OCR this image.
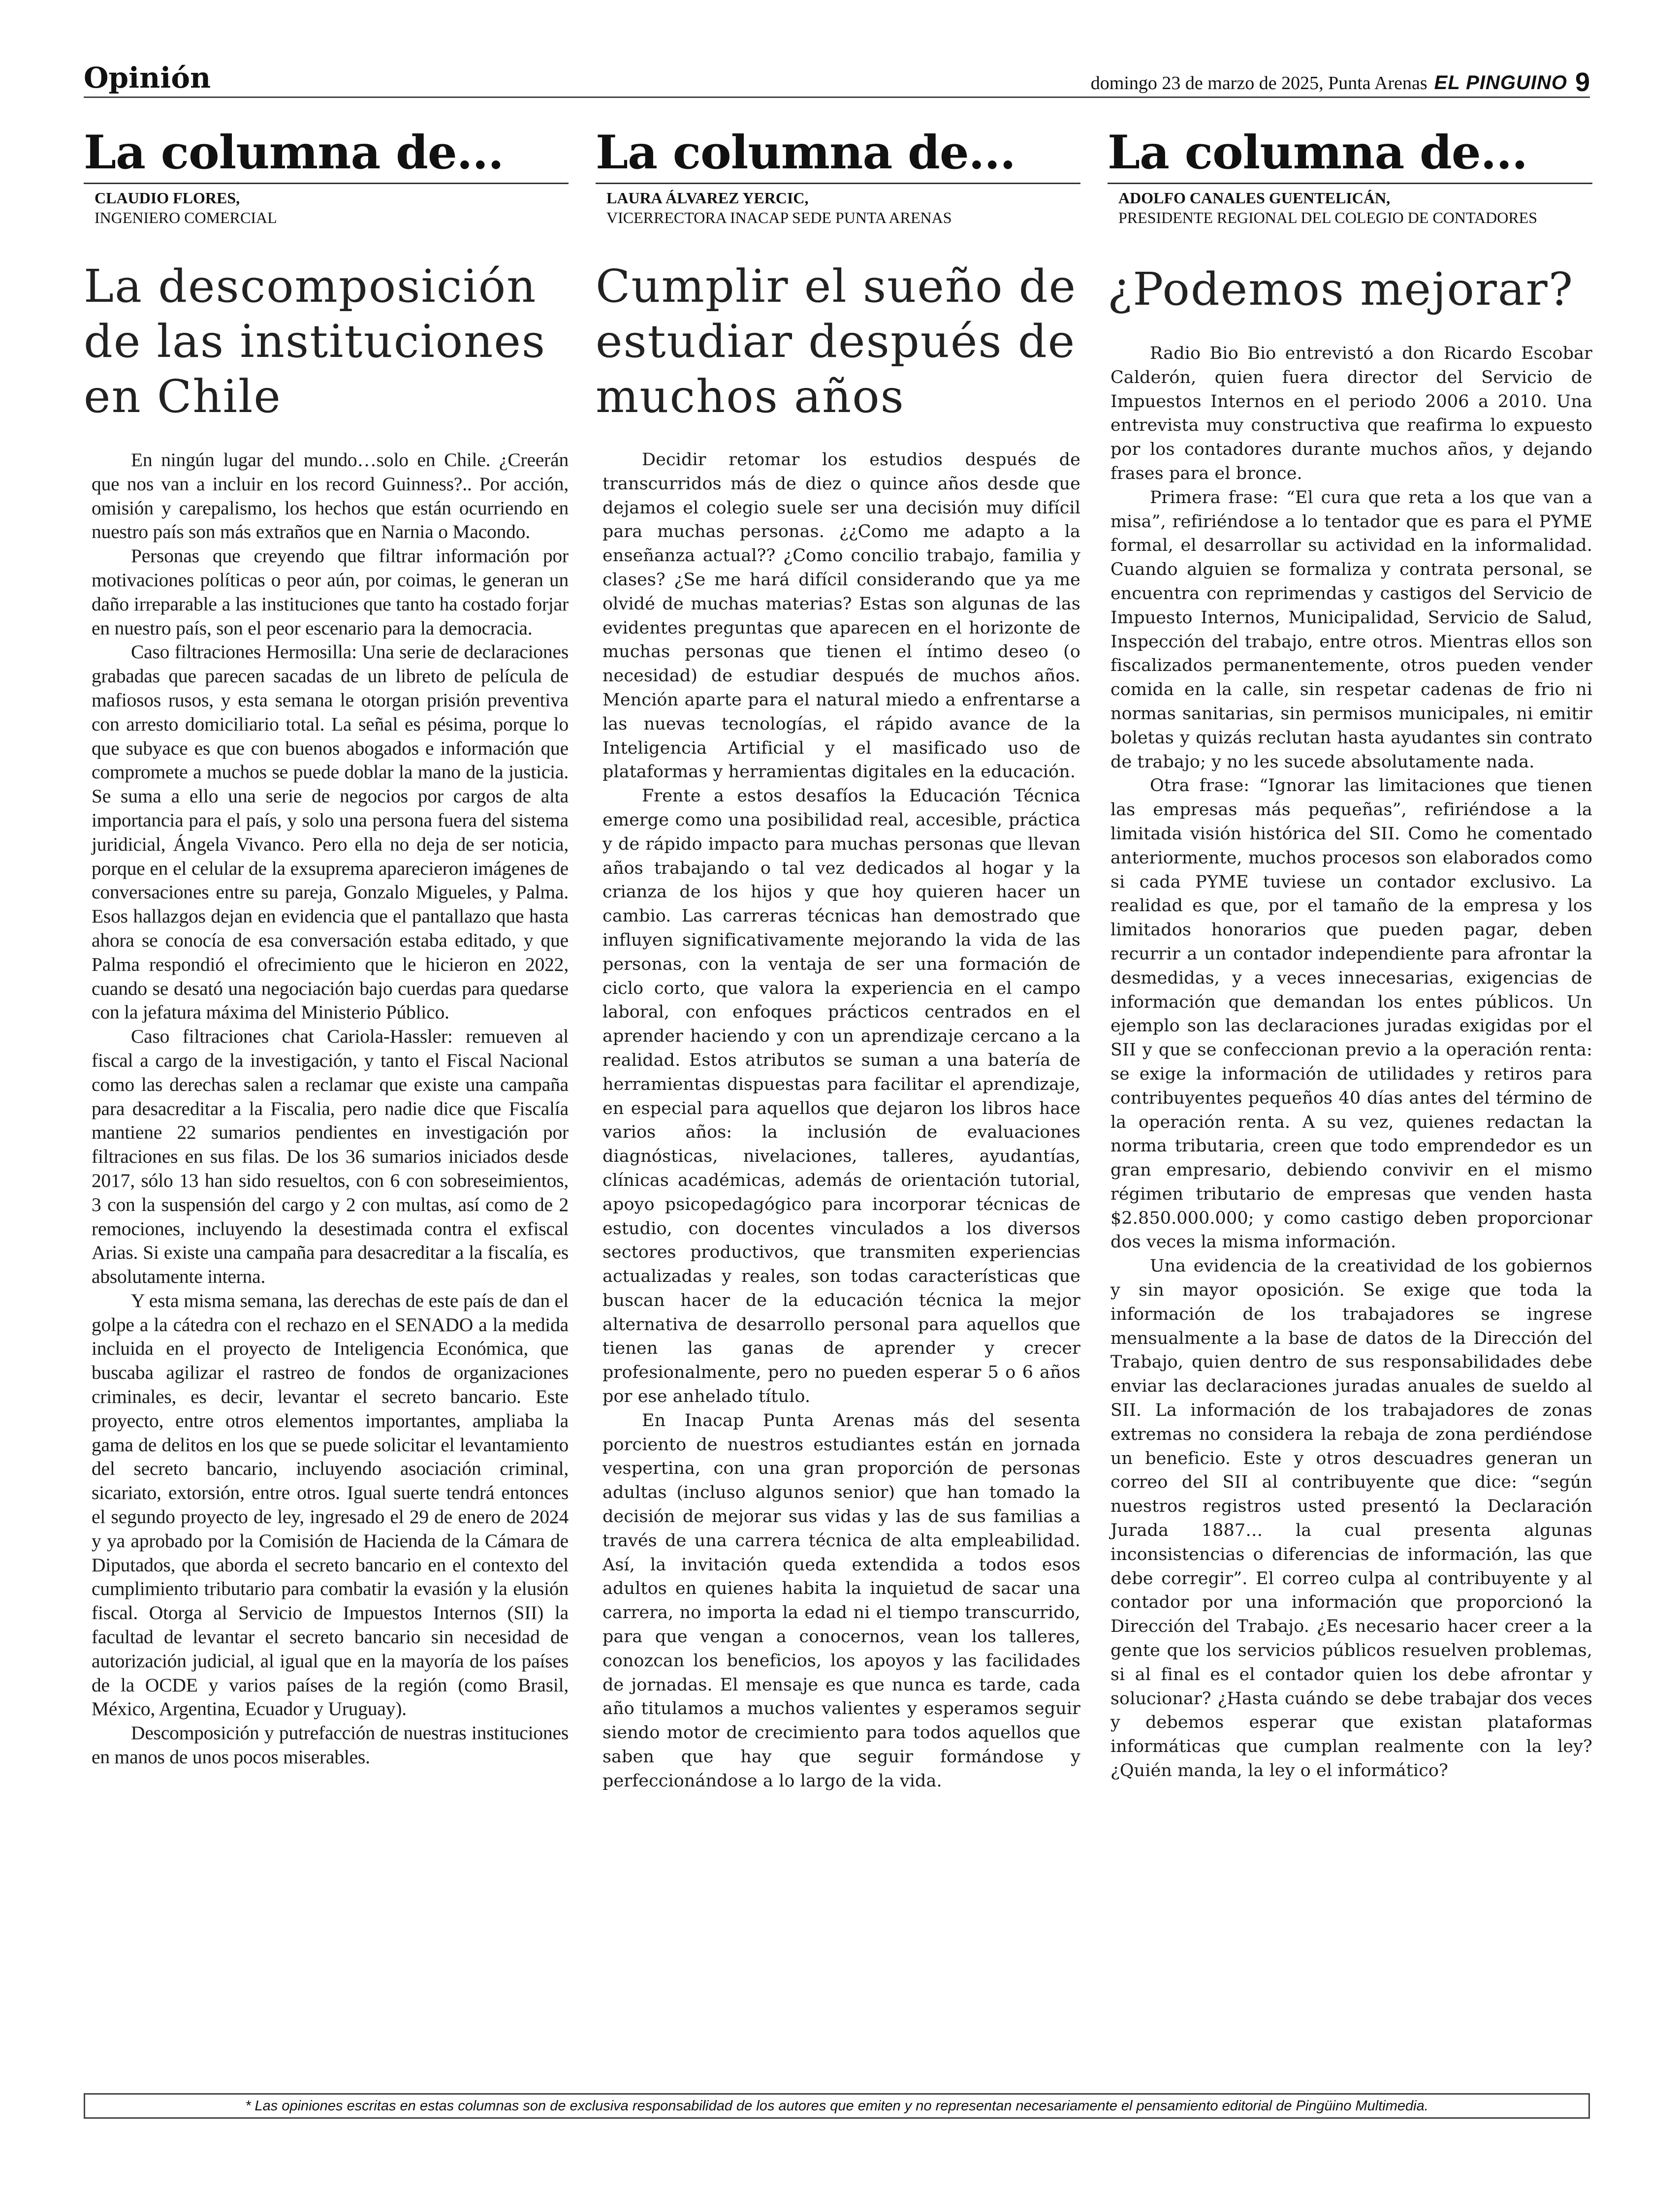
Opinión	domingo 23 de marzo de 2025, Punta Arenas EL PINGUINO 9
La columna de...
CLAUDIO FLORES,
INGENIERO COMERCIAL
La descomposición de las instituciones en Chile

En ningún lugar del mundo…solo en Chile. ¿Creerán que nos van a incluir en los record Guinness?.. Por acción, omisión y carepalismo, los hechos que están ocurriendo en nuestro país son más extraños que en Narnia o Macondo.

Personas que creyendo que filtrar información por motivaciones políticas o peor aún, por coimas, le generan un daño irreparable a las instituciones que tanto ha costado forjar en nuestro país, son el peor escenario para la democracia.

Caso filtraciones Hermosilla: Una serie de declaraciones grabadas que parecen sacadas de un libreto de película de mafiosos rusos, y esta semana le otorgan prisión preventiva con arresto domiciliario total. La señal es pésima, porque lo que subyace es que con buenos abogados e información que compromete a muchos se puede doblar la mano de la justicia. Se suma a ello una serie de negocios por cargos de alta importancia para el país, y solo una persona fuera del sistema juridicial, Ángela Vivanco. Pero ella no deja de ser noticia, porque en el celular de la exsuprema aparecieron imágenes de conversaciones entre su pareja, Gonzalo Migueles, y Palma. Esos hallazgos dejan en evidencia que el pantallazo que hasta ahora se conocía de esa conversación estaba editado, y que Palma respondió el ofrecimiento que le hicieron en 2022, cuando se desató una negociación bajo cuerdas para quedarse con la jefatura máxima del Ministerio Público.

Caso filtraciones chat Cariola-Hassler: remueven al fiscal a cargo de la investigación, y tanto el Fiscal Nacional como las derechas salen a reclamar que existe una campaña para desacreditar a la Fiscalia, pero nadie dice que Fiscalía mantiene 22 sumarios pendientes en investigación por filtraciones en sus filas. De los 36 sumarios iniciados desde 2017, sólo 13 han sido resueltos, con 6 con sobreseimientos, 3 con la suspensión del cargo y 2 con multas, así como de 2 remociones, incluyendo la desestimada contra el exfiscal Arias. Si existe una campaña para desacreditar a la fiscalía, es absolutamente interna.

Y esta misma semana, las derechas de este país de dan el golpe a la cátedra con el rechazo en el SENADO a la medida incluida en el proyecto de Inteligencia Económica, que buscaba agilizar el rastreo de fondos de organizaciones criminales, es decir, levantar el secreto bancario. Este proyecto, entre otros elementos importantes, ampliaba la gama de delitos en los que se puede solicitar el levantamiento del secreto bancario, incluyendo asociación criminal, sicariato, extorsión, entre otros. Igual suerte tendrá entonces el segundo proyecto de ley, ingresado el 29 de enero de 2024 y ya aprobado por la Comisión de Hacienda de la Cámara de Diputados, que aborda el secreto bancario en el contexto del cumplimiento tributario para combatir la evasión y la elusión fiscal. Otorga al Servicio de Impuestos Internos (SII) la facultad de levantar el secreto bancario sin necesidad de autorización judicial, al igual que en la mayoría de los países de la OCDE y varios países de la región (como Brasil, México, Argentina, Ecuador y Uruguay).

Descomposición y putrefacción de nuestras instituciones en manos de unos pocos miserables.

La columna de...
LAURA ÁLVAREZ YERCIC,
VICERRECTORA INACAP SEDE PUNTA ARENAS
Cumplir el sueño de estudiar después de muchos años

Decidir retomar los estudios después de transcurridos más de diez o quince años desde que dejamos el colegio suele ser una decisión muy difícil para muchas personas. ¿¿Como me adapto a la enseñanza actual?? ¿Como concilio trabajo, familia y clases? ¿Se me hará difícil considerando que ya me olvidé de muchas materias? Estas son algunas de las evidentes preguntas que aparecen en el horizonte de muchas personas que tienen el íntimo deseo (o necesidad) de estudiar después de muchos años. Mención aparte para el natural miedo a enfrentarse a las nuevas tecnologías, el rápido avance de la Inteligencia Artificial y el masificado uso de plataformas y herramientas digitales en la educación.

Frente a estos desafíos la Educación Técnica emerge como una posibilidad real, accesible, práctica y de rápido impacto para muchas personas que llevan años trabajando o tal vez dedicados al hogar y la crianza de los hijos y que hoy quieren hacer un cambio. Las carreras técnicas han demostrado que influyen significativamente mejorando la vida de las personas, con la ventaja de ser una formación de ciclo corto, que valora la experiencia en el campo laboral, con enfoques prácticos centrados en el aprender haciendo y con un aprendizaje cercano a la realidad. Estos atributos se suman a una batería de herramientas dispuestas para facilitar el aprendizaje, en especial para aquellos que dejaron los libros hace varios años: la inclusión de evaluaciones diagnósticas, nivelaciones, talleres, ayudantías, clínicas académicas, además de orientación tutorial, apoyo psicopedagógico para incorporar técnicas de estudio, con docentes vinculados a los diversos sectores productivos, que transmiten experiencias actualizadas y reales, son todas características que buscan hacer de la educación técnica la mejor alternativa de desarrollo personal para aquellos que tienen las ganas de aprender y crecer profesionalmente, pero no pueden esperar 5 o 6 años por ese anhelado título.

En Inacap Punta Arenas más del sesenta porciento de nuestros estudiantes están en jornada vespertina, con una gran proporción de personas adultas (incluso algunos senior) que han tomado la decisión de mejorar sus vidas y las de sus familias a través de una carrera técnica de alta empleabilidad. Así, la invitación queda extendida a todos esos adultos en quienes habita la inquietud de sacar una carrera, no importa la edad ni el tiempo transcurrido, para que vengan a conocernos, vean los talleres, conozcan los beneficios, los apoyos y las facilidades de jornadas. El mensaje es que nunca es tarde, cada año titulamos a muchos valientes y esperamos seguir siendo motor de crecimiento para todos aquellos que saben que hay que seguir formándose y perfeccionándose a lo largo de la vida.

La columna de...
ADOLFO CANALES GUENTELICÁN,
PRESIDENTE REGIONAL DEL COLEGIO DE CONTADORES
¿Podemos mejorar?

Radio Bio Bio entrevistó a don Ricardo Escobar Calderón, quien fuera director del Servicio de Impuestos Internos en el periodo 2006 a 2010. Una entrevista muy constructiva que reafirma lo expuesto por los contadores durante muchos años, y dejando frases para el bronce.

Primera frase: “El cura que reta a los que van a misa”, refiriéndose a lo tentador que es para el PYME formal, el desarrollar su actividad en la informalidad. Cuando alguien se formaliza y contrata personal, se encuentra con reprimendas y castigos del Servicio de Impuesto Internos, Municipalidad, Servicio de Salud, Inspección del trabajo, entre otros. Mientras ellos son fiscalizados permanentemente, otros pueden vender comida en la calle, sin respetar cadenas de frio ni normas sanitarias, sin permisos municipales, ni emitir boletas y quizás reclutan hasta ayudantes sin contrato de trabajo; y no les sucede absolutamente nada.

Otra frase: “Ignorar las limitaciones que tienen las empresas más pequeñas”, refiriéndose a la limitada visión histórica del SII. Como he comentado anteriormente, muchos procesos son elaborados como si cada PYME tuviese un contador exclusivo. La realidad es que, por el tamaño de la empresa y los limitados honorarios que pueden pagar, deben recurrir a un contador independiente para afrontar la desmedidas, y a veces innecesarias, exigencias de información que demandan los entes públicos. Un ejemplo son las declaraciones juradas exigidas por el SII y que se confeccionan previo a la operación renta: se exige la información de utilidades y retiros para contribuyentes pequeños 40 días antes del término de la operación renta. A su vez, quienes redactan la norma tributaria, creen que todo emprendedor es un gran empresario, debiendo convivir en el mismo régimen tributario de empresas que venden hasta $2.850.000.000; y como castigo deben proporcionar dos veces la misma información.

Una evidencia de la creatividad de los gobiernos y sin mayor oposición. Se exige que toda la información de los trabajadores se ingrese mensualmente a la base de datos de la Dirección del Trabajo, quien dentro de sus responsabilidades debe enviar las declaraciones juradas anuales de sueldo al SII. La información de los trabajadores de zonas extremas no considera la rebaja de zona perdiéndose un beneficio. Este y otros descuadres generan un correo del SII al contribuyente que dice: “según nuestros registros usted presentó la Declaración Jurada 1887… la cual presenta algunas inconsistencias o diferencias de información, las que debe corregir”. El correo culpa al contribuyente y al contador por una información que proporcionó la Dirección del Trabajo. ¿Es necesario hacer creer a la gente que los servicios públicos resuelven problemas, si al final es el contador quien los debe afrontar y solucionar? ¿Hasta cuándo se debe trabajar dos veces y debemos esperar que existan plataformas informáticas que cumplan realmente con la ley? ¿Quién manda, la ley o el informático?

* Las opiniones escritas en estas columnas son de exclusiva responsabilidad de los autores que emiten y no representan necesariamente el pensamiento editorial de Pingüino Multimedia.
